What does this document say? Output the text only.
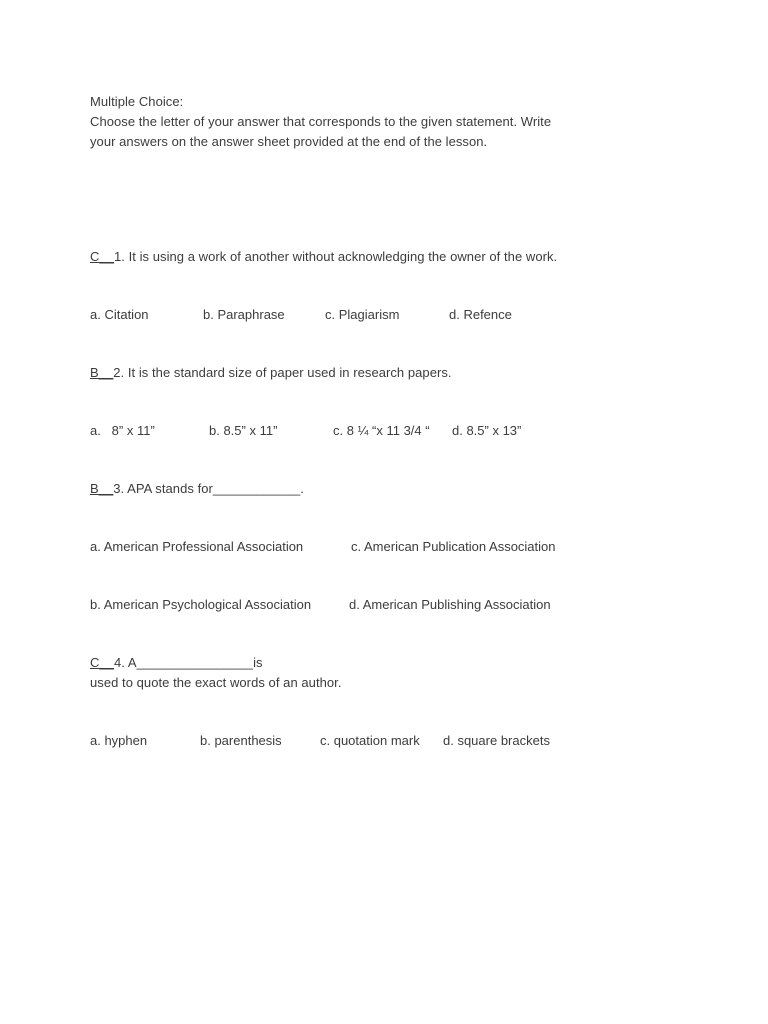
Multiple Choice:
Choose the letter of your answer that corresponds to the given statement. Write
your answers on the answer sheet provided at the end of the lesson.
C__1. It is using a work of another without acknowledging the owner of the work.
a. Citation	b. Paraphrase	c. Plagiarism	d. Refence
B__2. It is the standard size of paper used in research papers.
a.   8” x 11”	b. 8.5” x 11”	c. 8 ¼ “x 11 3/4 “ d. 8.5” x 13”
B__3. APA stands for____________.
a. American Professional Association	c. American Publication Association
b. American Psychological Association	d. American Publishing Association
C__4. A________________is
used to quote the exact words of an author.
a. hyphen	b. parenthesis	c. quotation mark d. square brackets
